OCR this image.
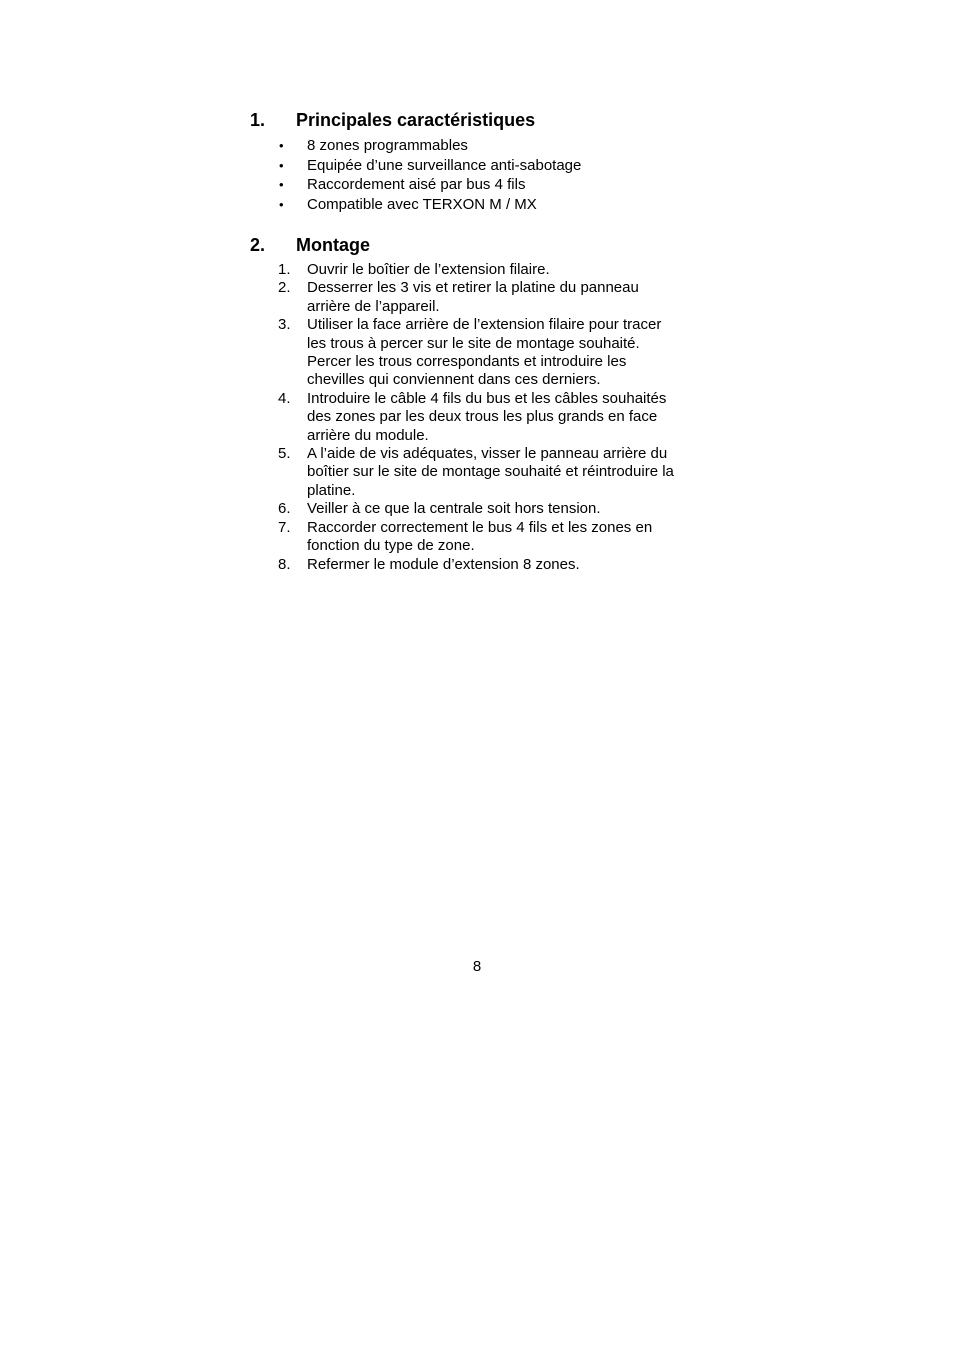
1.	Principales caractéristiques
•	8 zones programmables
•	Equipée d’une surveillance anti-sabotage
•	Raccordement aisé par bus 4 fils
•	Compatible avec TERXON M / MX
2.	Montage
1.	Ouvrir le boîtier de l’extension filaire.
2.	Desserrer les 3 vis et retirer la platine du panneau
arrière de l’appareil.
3.	Utiliser la face arrière de l’extension filaire pour tracer
les trous à percer sur le site de montage souhaité.
Percer les trous correspondants et introduire les
chevilles qui conviennent dans ces derniers.
4.	Introduire le câble 4 fils du bus et les câbles souhaités
des zones par les deux trous les plus grands en face
arrière du module.
5.	A l’aide de vis adéquates, visser le panneau arrière du
boîtier sur le site de montage souhaité et réintroduire la
platine.
6.	Veiller à ce que la centrale soit hors tension.
7.	Raccorder correctement le bus 4 fils et les zones en
fonction du type de zone.
8.	Refermer le module d’extension 8 zones.
8
